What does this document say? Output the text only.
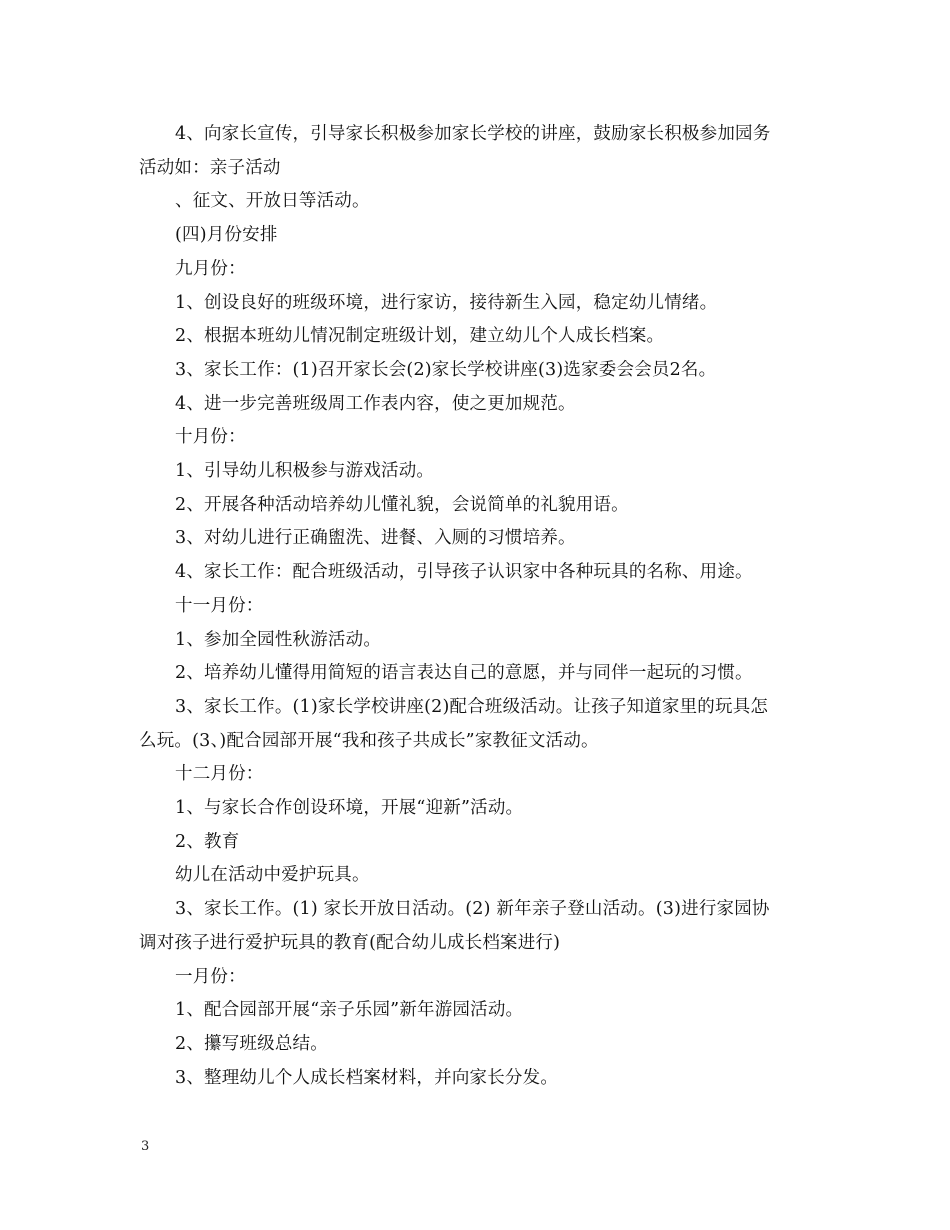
4、向家长宣传，引导家长积极参加家长学校的讲座，鼓励家长积极参加园务

活动如：亲子活动

、征文、开放日等活动。

(四)月份安排

九月份：

1、创设良好的班级环境，进行家访，接待新生入园，稳定幼儿情绪。

2、根据本班幼儿情况制定班级计划，建立幼儿个人成长档案。

3、家长工作：(1)召开家长会(2)家长学校讲座(3)选家委会会员2名。

4、进一步完善班级周工作表内容，使之更加规范。

十月份：

1、引导幼儿积极参与游戏活动。

2、开展各种活动培养幼儿懂礼貌，会说简单的礼貌用语。

3、对幼儿进行正确盥洗、进餐、入厕的习惯培养。

4、家长工作：配合班级活动，引导孩子认识家中各种玩具的名称、用途。

十一月份：

1、参加全园性秋游活动。

2、培养幼儿懂得用简短的语言表达自己的意愿，并与同伴一起玩的习惯。

3、家长工作。(1)家长学校讲座(2)配合班级活动。让孩子知道家里的玩具怎

么玩。(3、)配合园部开展“我和孩子共成长”家教征文活动。

十二月份：

1、与家长合作创设环境，开展“迎新”活动。

2、教育

幼儿在活动中爱护玩具。

3、家长工作。(1) 家长开放日活动。(2) 新年亲子登山活动。(3)进行家园协

调对孩子进行爱护玩具的教育(配合幼儿成长档案进行)

一月份：

1、配合园部开展“亲子乐园”新年游园活动。

2、攥写班级总结。

3、整理幼儿个人成长档案材料，并向家长分发。

3
